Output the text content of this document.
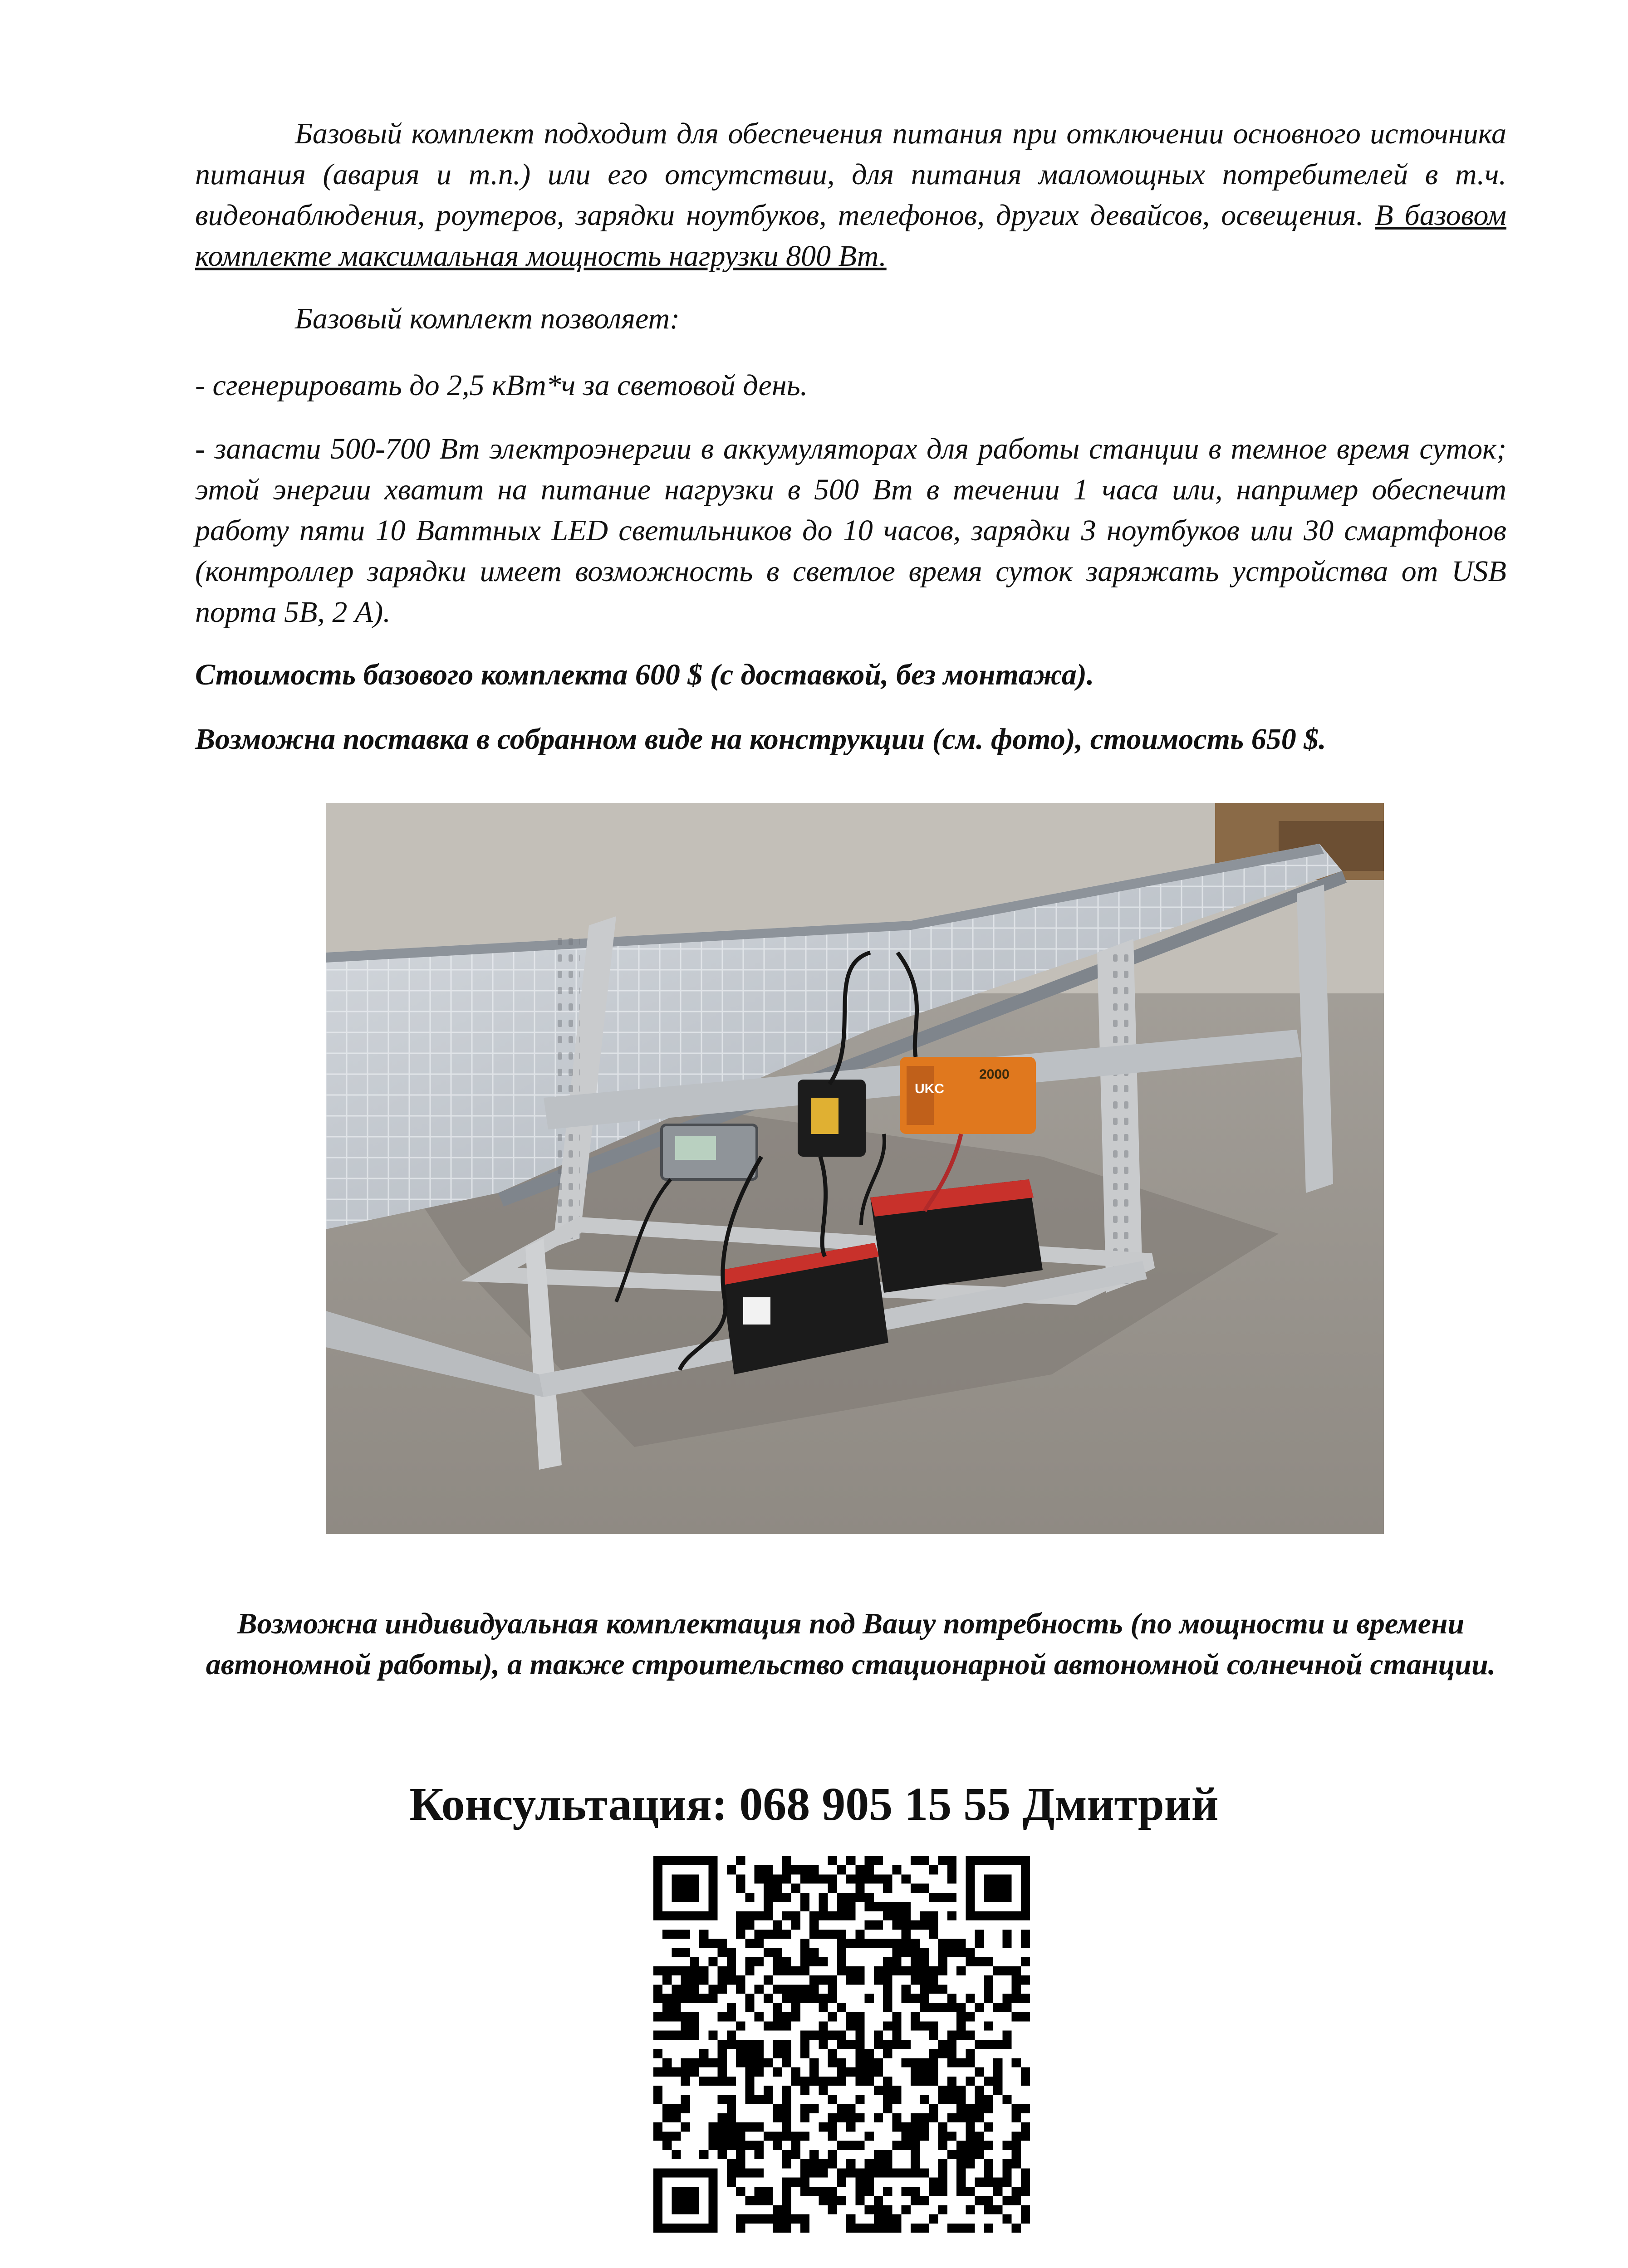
Базовый комплект подходит для обеспечения питания при отключении основного источника питания (авария и т.п.) или его отсутствии, для питания маломощных потребителей в т.ч. видеонаблюдения, роутеров, зарядки ноутбуков, телефонов, других девайсов, освещения. В базовом комплекте максимальная мощность нагрузки 800 Вт.

Базовый комплект позволяет:

- сгенерировать до 2,5 кВт*ч за световой день.

- запасти 500-700 Вт электроэнергии в аккумуляторах для работы станции в темное время суток; этой энергии хватит на питание нагрузки в 500 Вт в течении 1 часа или, например обеспечит работу пяти 10 Ваттных LED светильников до 10 часов, зарядки 3 ноутбуков или 30 смартфонов (контроллер зарядки имеет возможность в светлое время суток заряжать устройства от USB порта 5В, 2 А).

Стоимость базового комплекта 600 $ (с доставкой, без монтажа).

Возможна поставка в собранном виде на конструкции (см. фото), стоимость 650 $.

UKC
2000
Возможна индивидуальная комплектация под Вашу потребность (по мощности и времени автономной работы), а также строительство стационарной автономной солнечной станции.
Консультация: 068 905 15 55 Дмитрий
